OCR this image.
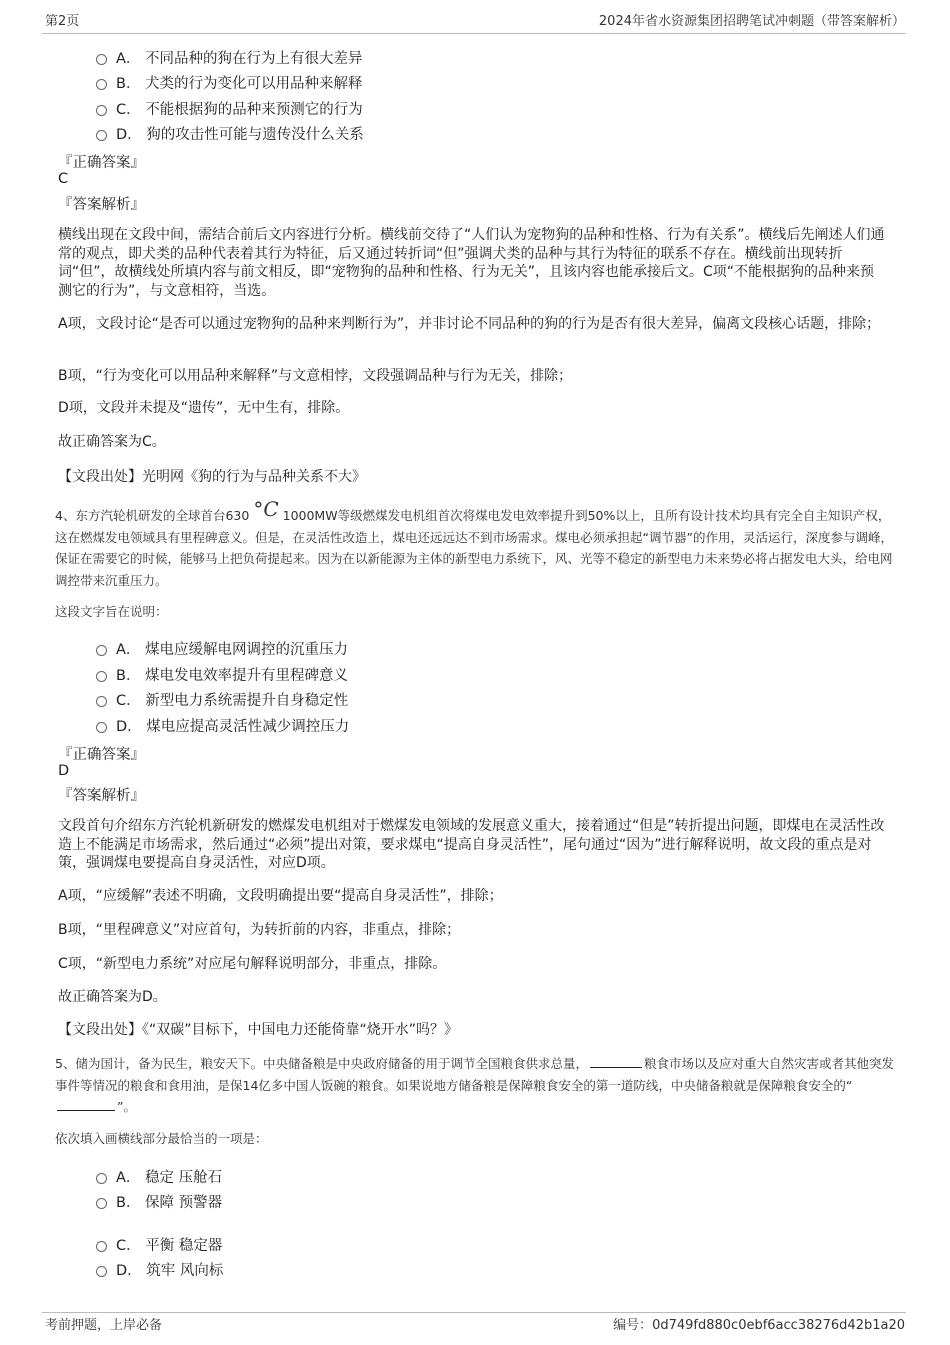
第2页	2024年省水资源集团招聘笔试冲刺题（带答案解析）
A． 不同品种的狗在行为上有很大差异
B． 犬类的行为变化可以用品种来解释
C． 不能根据狗的品种来预测它的行为
D． 狗的攻击性可能与遗传没什么关系
『正确答案』
C
『答案解析』
横线出现在文段中间，需结合前后文内容进行分析。横线前交待了“人们认为宠物狗的品种和性格、行为有关系”。横线后先阐述人们通常的观点，即犬类的品种代表着其行为特征，后又通过转折词“但”强调犬类的品种与其行为特征的联系不存在。横线前出现转折词“但”，故横线处所填内容与前文相反，即“宠物狗的品种和性格、行为无关”，且该内容也能承接后文。C项“不能根据狗的品种来预测它的行为”，与文意相符，当选。
A项，文段讨论“是否可以通过宠物狗的品种来判断行为”，并非讨论不同品种的狗的行为是否有很大差异，偏离文段核心话题，排除；
B项，“行为变化可以用品种来解释”与文意相悖，文段强调品种与行为无关，排除；
D项，文段并未提及“遗传”，无中生有，排除。
故正确答案为C。
【文段出处】光明网《狗的行为与品种关系不大》
4、东方汽轮机研发的全球首台630 °C 1000MW等级燃煤发电机组首次将煤电发电效率提升到50%以上，且所有设计技术均具有完全自主知识产权，这在燃煤发电领域具有里程碑意义。但是，在灵活性改造上，煤电还远远达不到市场需求。煤电必须承担起“调节器”的作用，灵活运行，深度参与调峰，保证在需要它的时候，能够马上把负荷提起来。因为在以新能源为主体的新型电力系统下，风、光等不稳定的新型电力未来势必将占据发电大头，给电网调控带来沉重压力。
这段文字旨在说明：
A． 煤电应缓解电网调控的沉重压力
B． 煤电发电效率提升有里程碑意义
C． 新型电力系统需提升自身稳定性
D． 煤电应提高灵活性减少调控压力
『正确答案』
D
『答案解析』
文段首句介绍东方汽轮机新研发的燃煤发电机组对于燃煤发电领域的发展意义重大，接着通过“但是”转折提出问题，即煤电在灵活性改造上不能满足市场需求，然后通过“必须”提出对策，要求煤电“提高自身灵活性”，尾句通过“因为”进行解释说明，故文段的重点是对策，强调煤电要提高自身灵活性，对应D项。
A项，“应缓解”表述不明确，文段明确提出要“提高自身灵活性”，排除；
B项，“里程碑意义”对应首句，为转折前的内容，非重点，排除；
C项，“新型电力系统”对应尾句解释说明部分，非重点，排除。
故正确答案为D。
【文段出处】《“双碳”目标下，中国电力还能倚靠“烧开水”吗？》
5、储为国计，备为民生，粮安天下。中央储备粮是中央政府储备的用于调节全国粮食供求总量，	粮食市场以及应对重大自然灾害或者其他突发事件等情况的粮食和食用油，是保14亿多中国人饭碗的粮食。如果说地方储备粮是保障粮食安全的第一道防线，中央储备粮就是保障粮食安全的“”。
依次填入画横线部分最恰当的一项是：
A． 稳定 压舱石
B． 保障 预警器
C． 平衡 稳定器
D． 筑牢 风向标
考前押题，上岸必备	编号：0d749fd880c0ebf6acc38276d42b1a20
